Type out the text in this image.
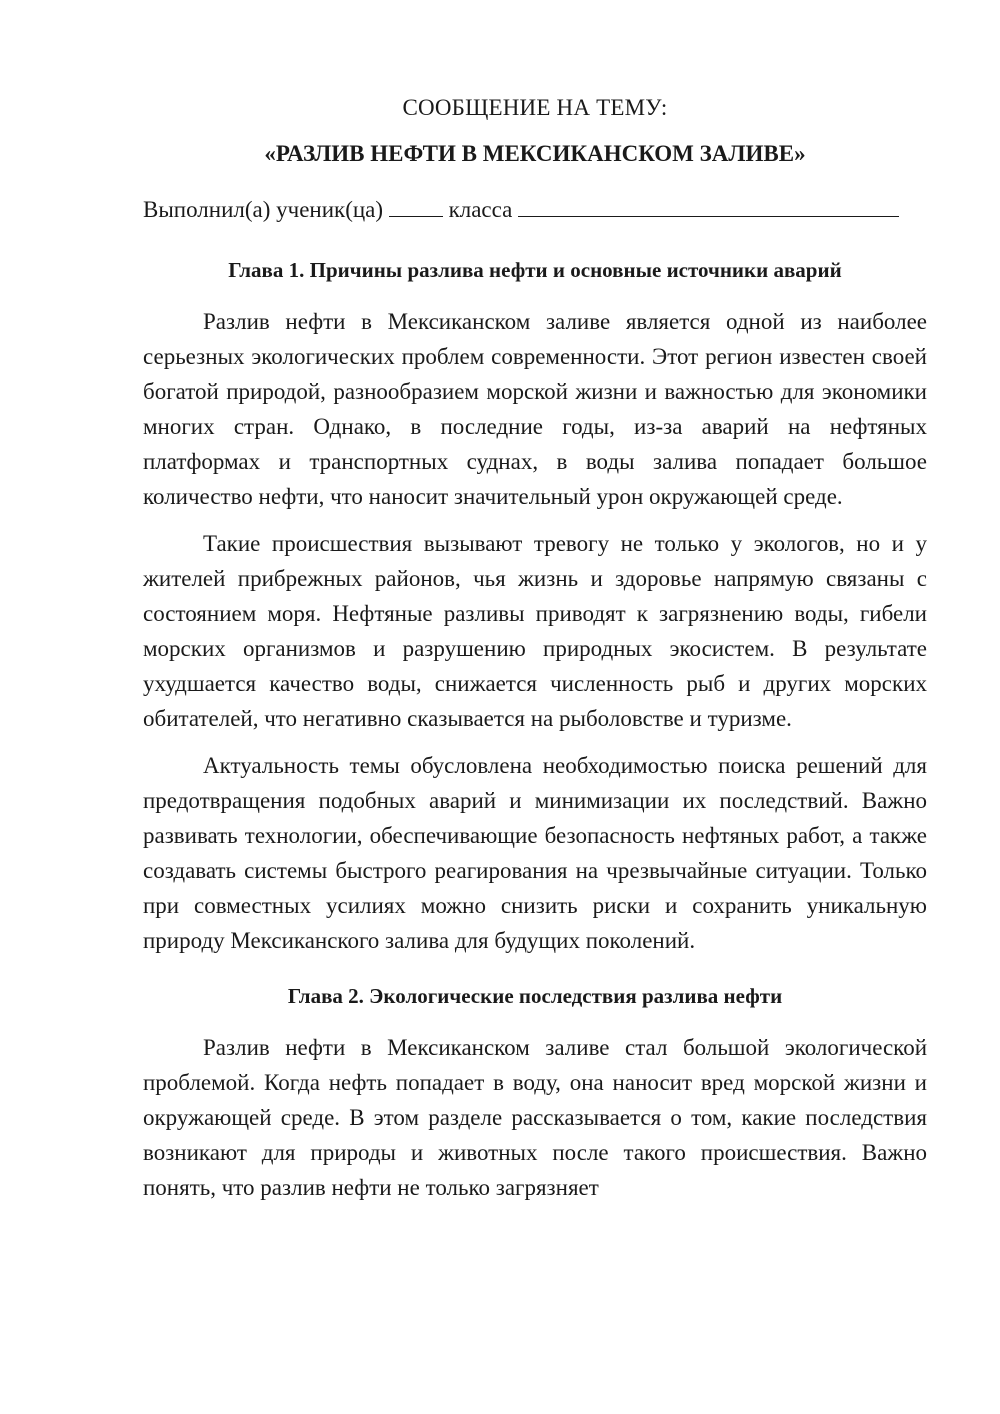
СООБЩЕНИЕ НА ТЕМУ:

«РАЗЛИВ НЕФТИ В МЕКСИКАНСКОМ ЗАЛИВЕ»

Выполнил(а) ученик(ца)	класса

Глава 1. Причины разлива нефти и основные источники аварий

Разлив нефти в Мексиканском заливе является одной из наиболее серьезных экологических проблем современности. Этот регион известен своей богатой природой, разнообразием морской жизни и важностью для экономики многих стран. Однако, в последние годы, из-за аварий на нефтяных платформах и транспортных суднах, в воды залива попадает большое количество нефти, что наносит значительный урон окружающей среде.

Такие происшествия вызывают тревогу не только у экологов, но и у жителей прибрежных районов, чья жизнь и здоровье напрямую связаны с состоянием моря. Нефтяные разливы приводят к загрязнению воды, гибели морских организмов и разрушению природных экосистем. В результате ухудшается качество воды, снижается численность рыб и других морских обитателей, что негативно сказывается на рыболовстве и туризме.

Актуальность темы обусловлена необходимостью поиска решений для предотвращения подобных аварий и минимизации их последствий. Важно развивать технологии, обеспечивающие безопасность нефтяных работ, а также создавать системы быстрого реагирования на чрезвычайные ситуации. Только при совместных усилиях можно снизить риски и сохранить уникальную природу Мексиканского залива для будущих поколений.

Глава 2. Экологические последствия разлива нефти

Разлив нефти в Мексиканском заливе стал большой экологической проблемой. Когда нефть попадает в воду, она наносит вред морской жизни и окружающей среде. В этом разделе рассказывается о том, какие последствия возникают для природы и животных после такого происшествия. Важно понять, что разлив нефти не только загрязняет
